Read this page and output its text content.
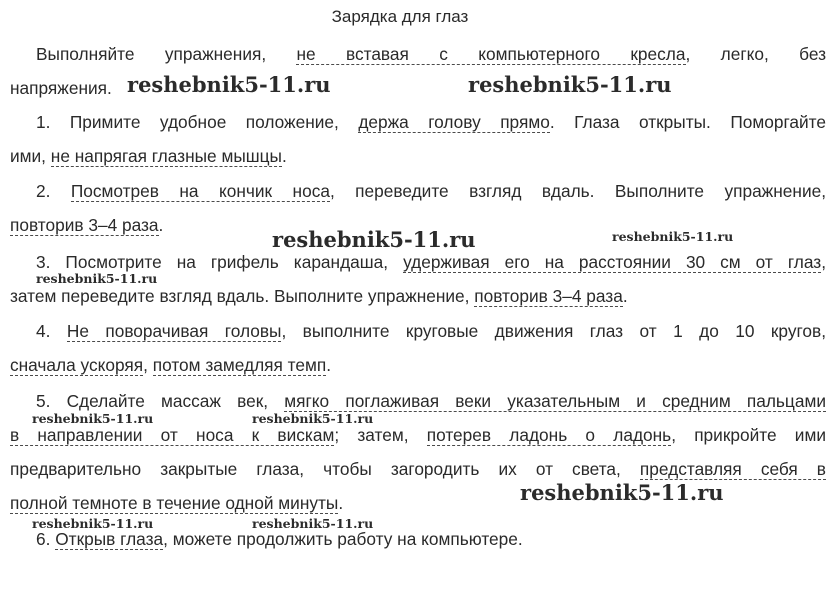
Зарядка для глаз
Выполняйте упражнения, не вставая с компьютерного кресла, легко, без
напряжения.
1. Примите удобное положение, держа голову прямо. Глаза открыты. Поморгайте
ими, не напрягая глазные мышцы.
2. Посмотрев на кончик носа, переведите взгляд вдаль. Выполните упражнение,
повторив 3–4 раза.
3. Посмотрите на грифель карандаша, удерживая его на расстоянии 30 см от глаз,
затем переведите взгляд вдаль. Выполните упражнение, повторив 3–4 раза.
4. Не поворачивая головы, выполните круговые движения глаз от 1 до 10 кругов,
сначала ускоряя, потом замедляя темп.
5. Сделайте массаж век, мягко поглаживая веки указательным и средним пальцами
в направлении от носа к вискам; затем, потерев ладонь о ладонь, прикройте ими
предварительно закрытые глаза, чтобы загородить их от света, представляя себя в
полной темноте в течение одной минуты.
6. Открыв глаза, можете продолжить работу на компьютере.
reshebnik5-11.ru	reshebnik5-11.ru
reshebnik5-11.ru	reshebnik5-11.ru
reshebnik5-11.ru
reshebnik5-11.ru	reshebnik5-11.ru
reshebnik5-11.ru
reshebnik5-11.ru	reshebnik5-11.ru
